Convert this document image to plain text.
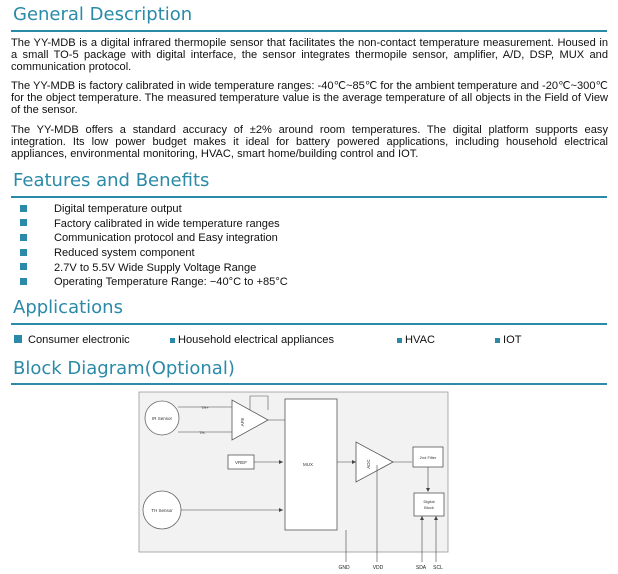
General Description

The YY-MDB is a digital infrared thermopile sensor that facilitates the non-contact temperature measurement. Housed in a small TO-5 package with digital interface, the sensor integrates thermopile sensor, amplifier, A/D, DSP, MUX and communication protocol.

The YY-MDB is factory calibrated in wide temperature ranges: -40℃~85℃ for the ambient temperature and -20℃~300℃ for the object temperature. The measured temperature value is the average temperature of all objects in the Field of View of the sensor.

The YY-MDB offers a standard accuracy of ±2% around room temperatures. The digital platform supports easy integration. Its low power budget makes it ideal for battery powered applications, including household electrical appliances, environmental monitoring, HVAC, smart home/building control and IOT.

Features and Benefits
Digital temperature output
Factory calibrated in wide temperature ranges
Communication protocol and Easy integration
Reduced system component
2.7V to 5.5V Wide Supply Voltage Range
Operating Temperature Range: −40°C to +85°C
Applications
Consumer electronic	Household electrical appliances	HVAC	IOT
Block Diagram(Optional)
IR Sensor
TH Sensor
TH+
TH-
AFE
MUX
VREF	ADC
2nd Filter
Digital
Block
GND	VDD	SDA SCL
